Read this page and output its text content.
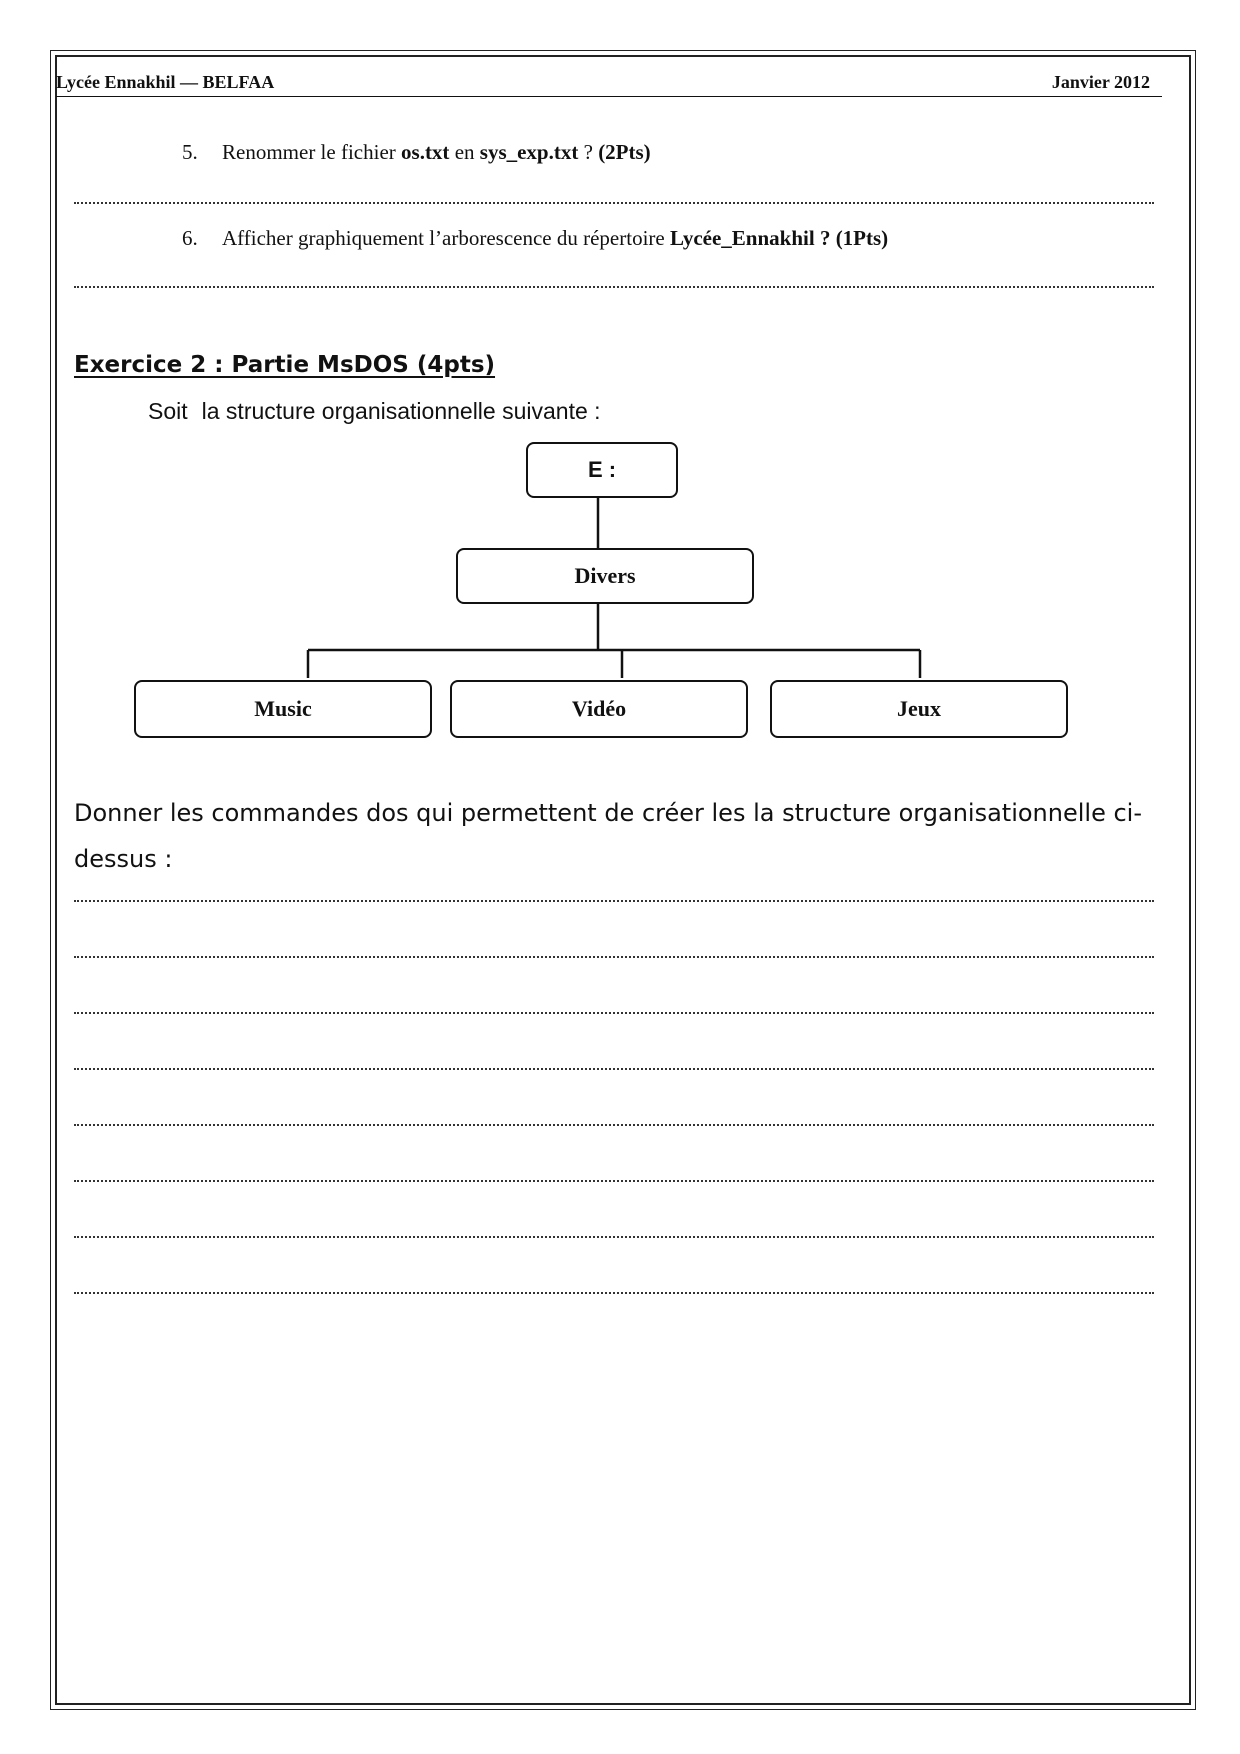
Lycée Ennakhil — BELFAA	Janvier 2012
5. Renommer le fichier os.txt en sys_exp.txt ? (2Pts)
6. Afficher graphiquement l’arborescence du répertoire Lycée_Ennakhil ? (1Pts)
Exercice 2 : Partie MsDOS (4pts)
Soit la structure organisationnelle suivante :
E :
Divers
Music	Vidéo	Jeux
Donner les commandes dos qui permettent de créer les la structure organisationnelle ci-dessus :
